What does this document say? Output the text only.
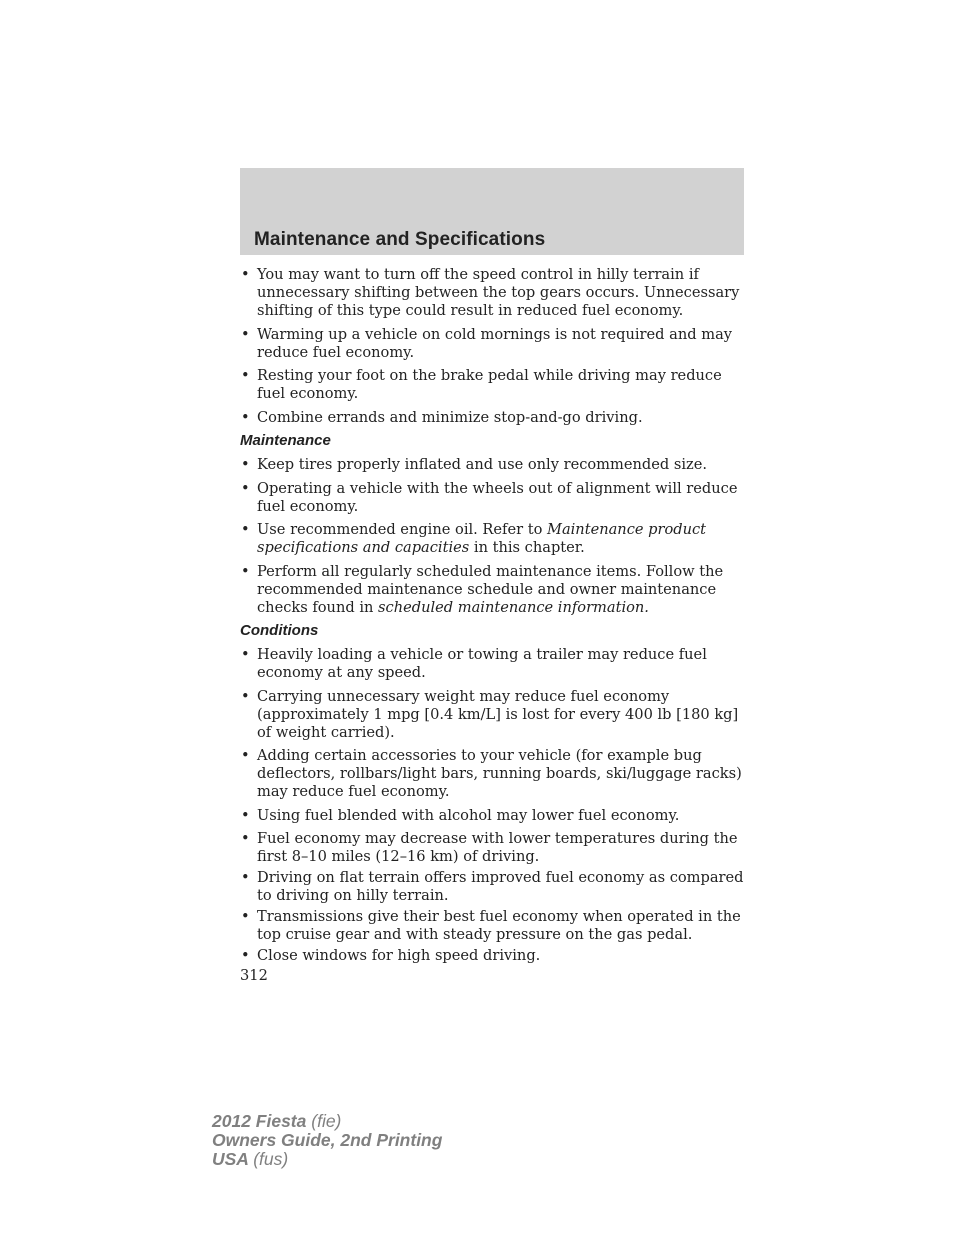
Maintenance and Specifications
• You may want to turn off the speed control in hilly terrain if unnecessary shifting between the top gears occurs. Unnecessary shifting of this type could result in reduced fuel economy.
• Warming up a vehicle on cold mornings is not required and may reduce fuel economy.
• Resting your foot on the brake pedal while driving may reduce fuel economy.
• Combine errands and minimize stop-and-go driving.
Maintenance
• Keep tires properly inflated and use only recommended size.
• Operating a vehicle with the wheels out of alignment will reduce fuel economy.
• Use recommended engine oil. Refer to Maintenance product specifications and capacities in this chapter.
• Perform all regularly scheduled maintenance items. Follow the recommended maintenance schedule and owner maintenance checks found in scheduled maintenance information.
Conditions
• Heavily loading a vehicle or towing a trailer may reduce fuel economy at any speed.
• Carrying unnecessary weight may reduce fuel economy (approximately 1 mpg [0.4 km/L] is lost for every 400 lb [180 kg] of weight carried).
• Adding certain accessories to your vehicle (for example bug deflectors, rollbars/light bars, running boards, ski/luggage racks) may reduce fuel economy.
• Using fuel blended with alcohol may lower fuel economy.
• Fuel economy may decrease with lower temperatures during the first 8–10 miles (12–16 km) of driving.
• Driving on flat terrain offers improved fuel economy as compared to driving on hilly terrain.
• Transmissions give their best fuel economy when operated in the top cruise gear and with steady pressure on the gas pedal.
• Close windows for high speed driving.
312
2012 Fiesta (fie)
Owners Guide, 2nd Printing
USA (fus)
